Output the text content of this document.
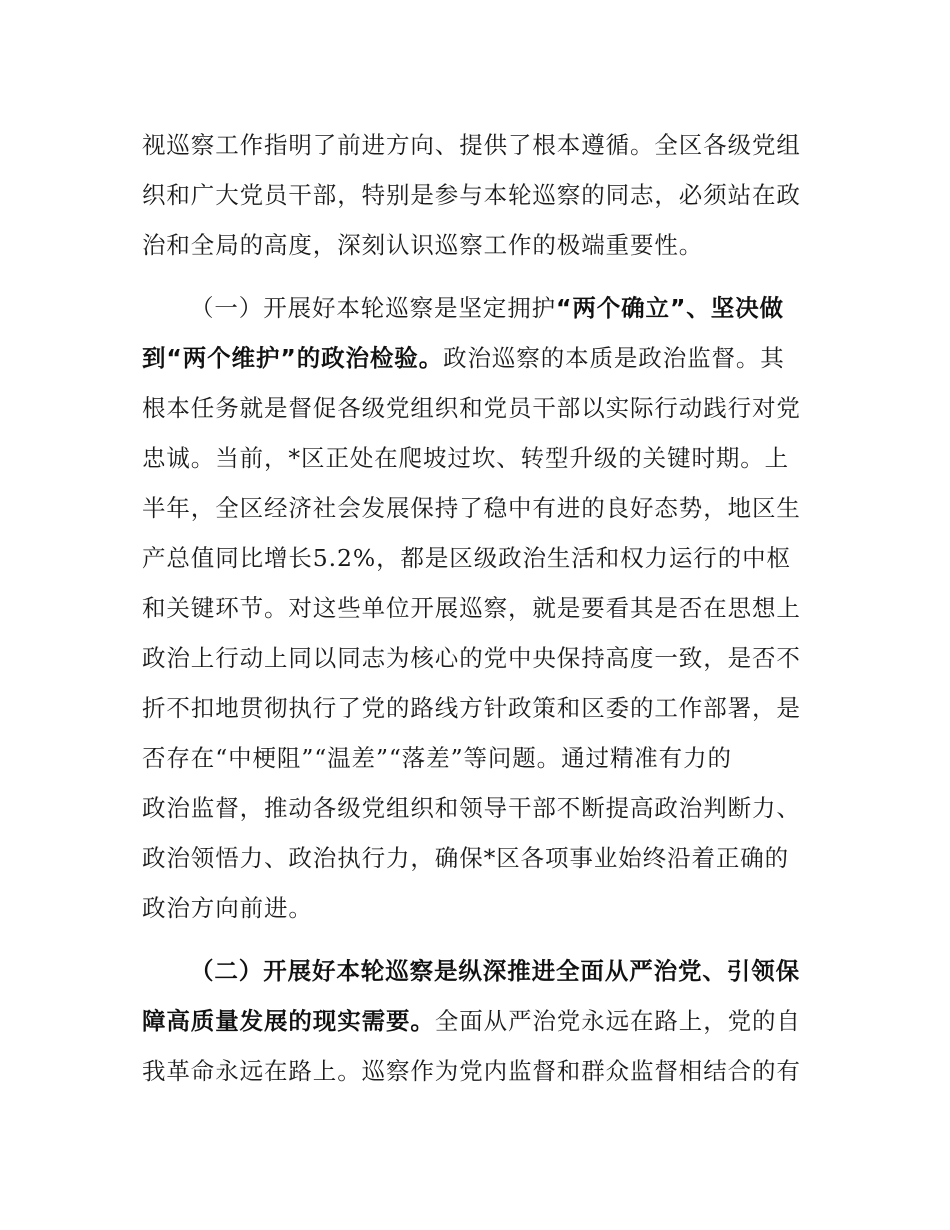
视巡察工作指明了前进方向、提供了根本遵循。全区各级党组
织和广大党员干部，特别是参与本轮巡察的同志，必须站在政
治和全局的高度，深刻认识巡察工作的极端重要性。
（一）开展好本轮巡察是坚定拥护“两个确立”、坚决做
到“两个维护”的政治检验。政治巡察的本质是政治监督。其
根本任务就是督促各级党组织和党员干部以实际行动践行对党
忠诚。当前，*区正处在爬坡过坎、转型升级的关键时期。上
半年，全区经济社会发展保持了稳中有进的良好态势，地区生
产总值同比增长5.2%，都是区级政治生活和权力运行的中枢
和关键环节。对这些单位开展巡察，就是要看其是否在思想上
政治上行动上同以同志为核心的党中央保持高度一致，是否不
折不扣地贯彻执行了党的路线方针政策和区委的工作部署，是
否存在“中梗阻”“温差”“落差”等问题。通过精准有力的
政治监督，推动各级党组织和领导干部不断提高政治判断力、
政治领悟力、政治执行力，确保*区各项事业始终沿着正确的
政治方向前进。
（二）开展好本轮巡察是纵深推进全面从严治党、引领保
障高质量发展的现实需要。全面从严治党永远在路上，党的自
我革命永远在路上。巡察作为党内监督和群众监督相结合的有
